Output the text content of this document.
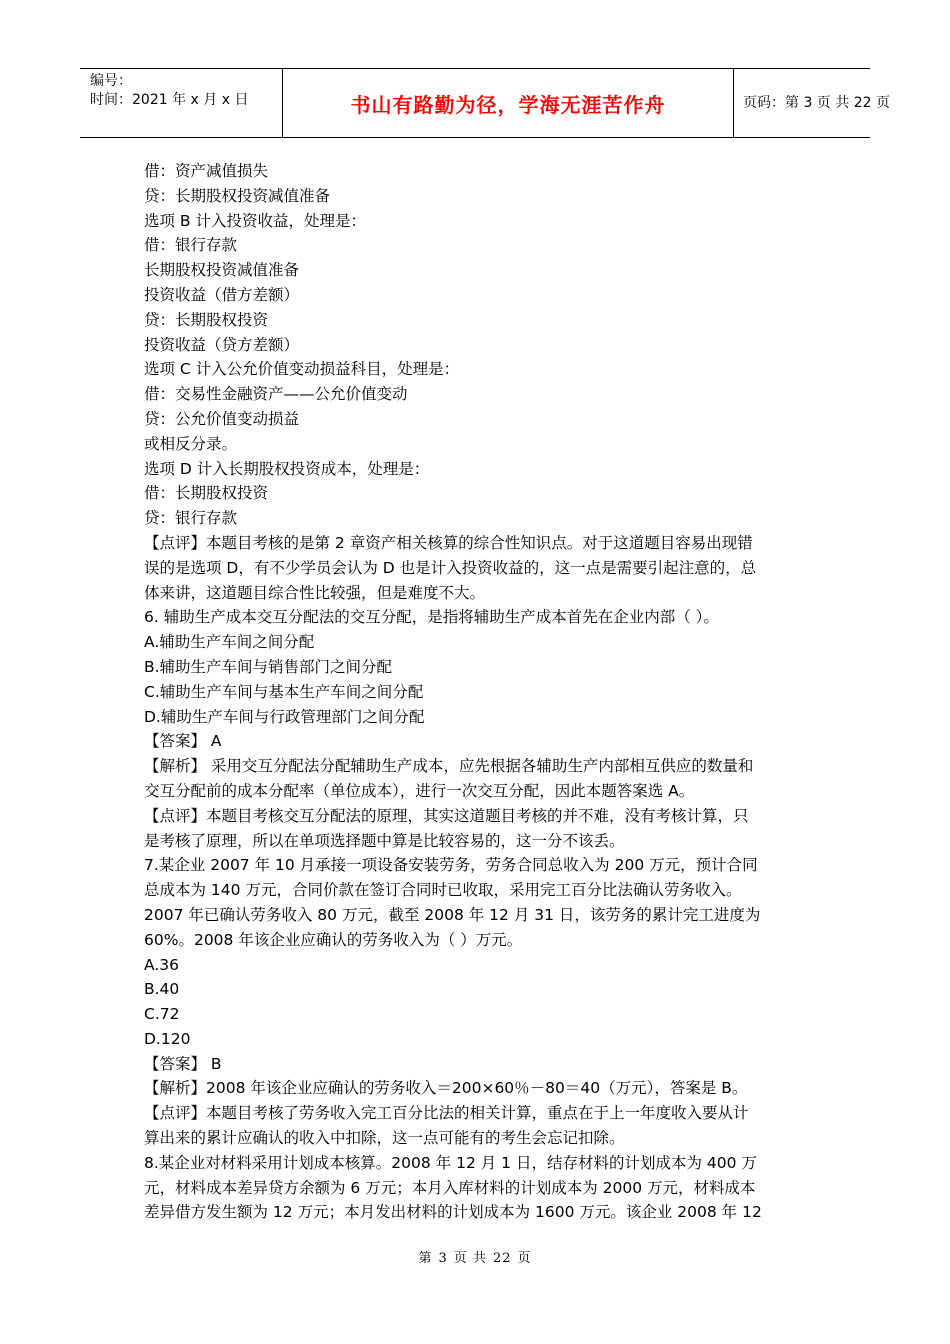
编号：
时间：2021 年 x 月 x 日	书山有路勤为径，学海无涯苦作舟	页码：第 3 页 共 22 页
借：资产减值损失
贷：长期股权投资减值准备
选项 B 计入投资收益，处理是：
借：银行存款
长期股权投资减值准备
投资收益（借方差额）
贷：长期股权投资
投资收益（贷方差额）
选项 C 计入公允价值变动损益科目，处理是：
借：交易性金融资产——公允价值变动
贷：公允价值变动损益
或相反分录。
选项 D 计入长期股权投资成本，处理是：
借：长期股权投资
贷：银行存款
【点评】本题目考核的是第 2 章资产相关核算的综合性知识点。对于这道题目容易出现错
误的是选项 D，有不少学员会认为 D 也是计入投资收益的，这一点是需要引起注意的，总
体来讲，这道题目综合性比较强，但是难度不大。
6. 辅助生产成本交互分配法的交互分配，是指将辅助生产成本首先在企业内部（ ）。
A.辅助生产车间之间分配
B.辅助生产车间与销售部门之间分配
C.辅助生产车间与基本生产车间之间分配
D.辅助生产车间与行政管理部门之间分配
【答案】 A
【解析】 采用交互分配法分配辅助生产成本，应先根据各辅助生产内部相互供应的数量和
交互分配前的成本分配率（单位成本），进行一次交互分配，因此本题答案选 A。
【点评】本题目考核交互分配法的原理，其实这道题目考核的并不难，没有考核计算，只
是考核了原理，所以在单项选择题中算是比较容易的，这一分不该丢。
7.某企业 2007 年 10 月承接一项设备安装劳务，劳务合同总收入为 200 万元，预计合同
总成本为 140 万元，合同价款在签订合同时已收取，采用完工百分比法确认劳务收入。
2007 年已确认劳务收入 80 万元，截至 2008 年 12 月 31 日，该劳务的累计完工进度为
60%。2008 年该企业应确认的劳务收入为（ ）万元。
A.36
B.40
C.72
D.120
【答案】 B
【解析】2008 年该企业应确认的劳务收入＝200×60％－80＝40（万元），答案是 B。
【点评】本题目考核了劳务收入完工百分比法的相关计算，重点在于上一年度收入要从计
算出来的累计应确认的收入中扣除，这一点可能有的考生会忘记扣除。
8.某企业对材料采用计划成本核算。2008 年 12 月 1 日，结存材料的计划成本为 400 万
元，材料成本差异贷方余额为 6 万元；本月入库材料的计划成本为 2000 万元，材料成本
差异借方发生额为 12 万元；本月发出材料的计划成本为 1600 万元。该企业 2008 年 12
第 3 页 共 22 页
